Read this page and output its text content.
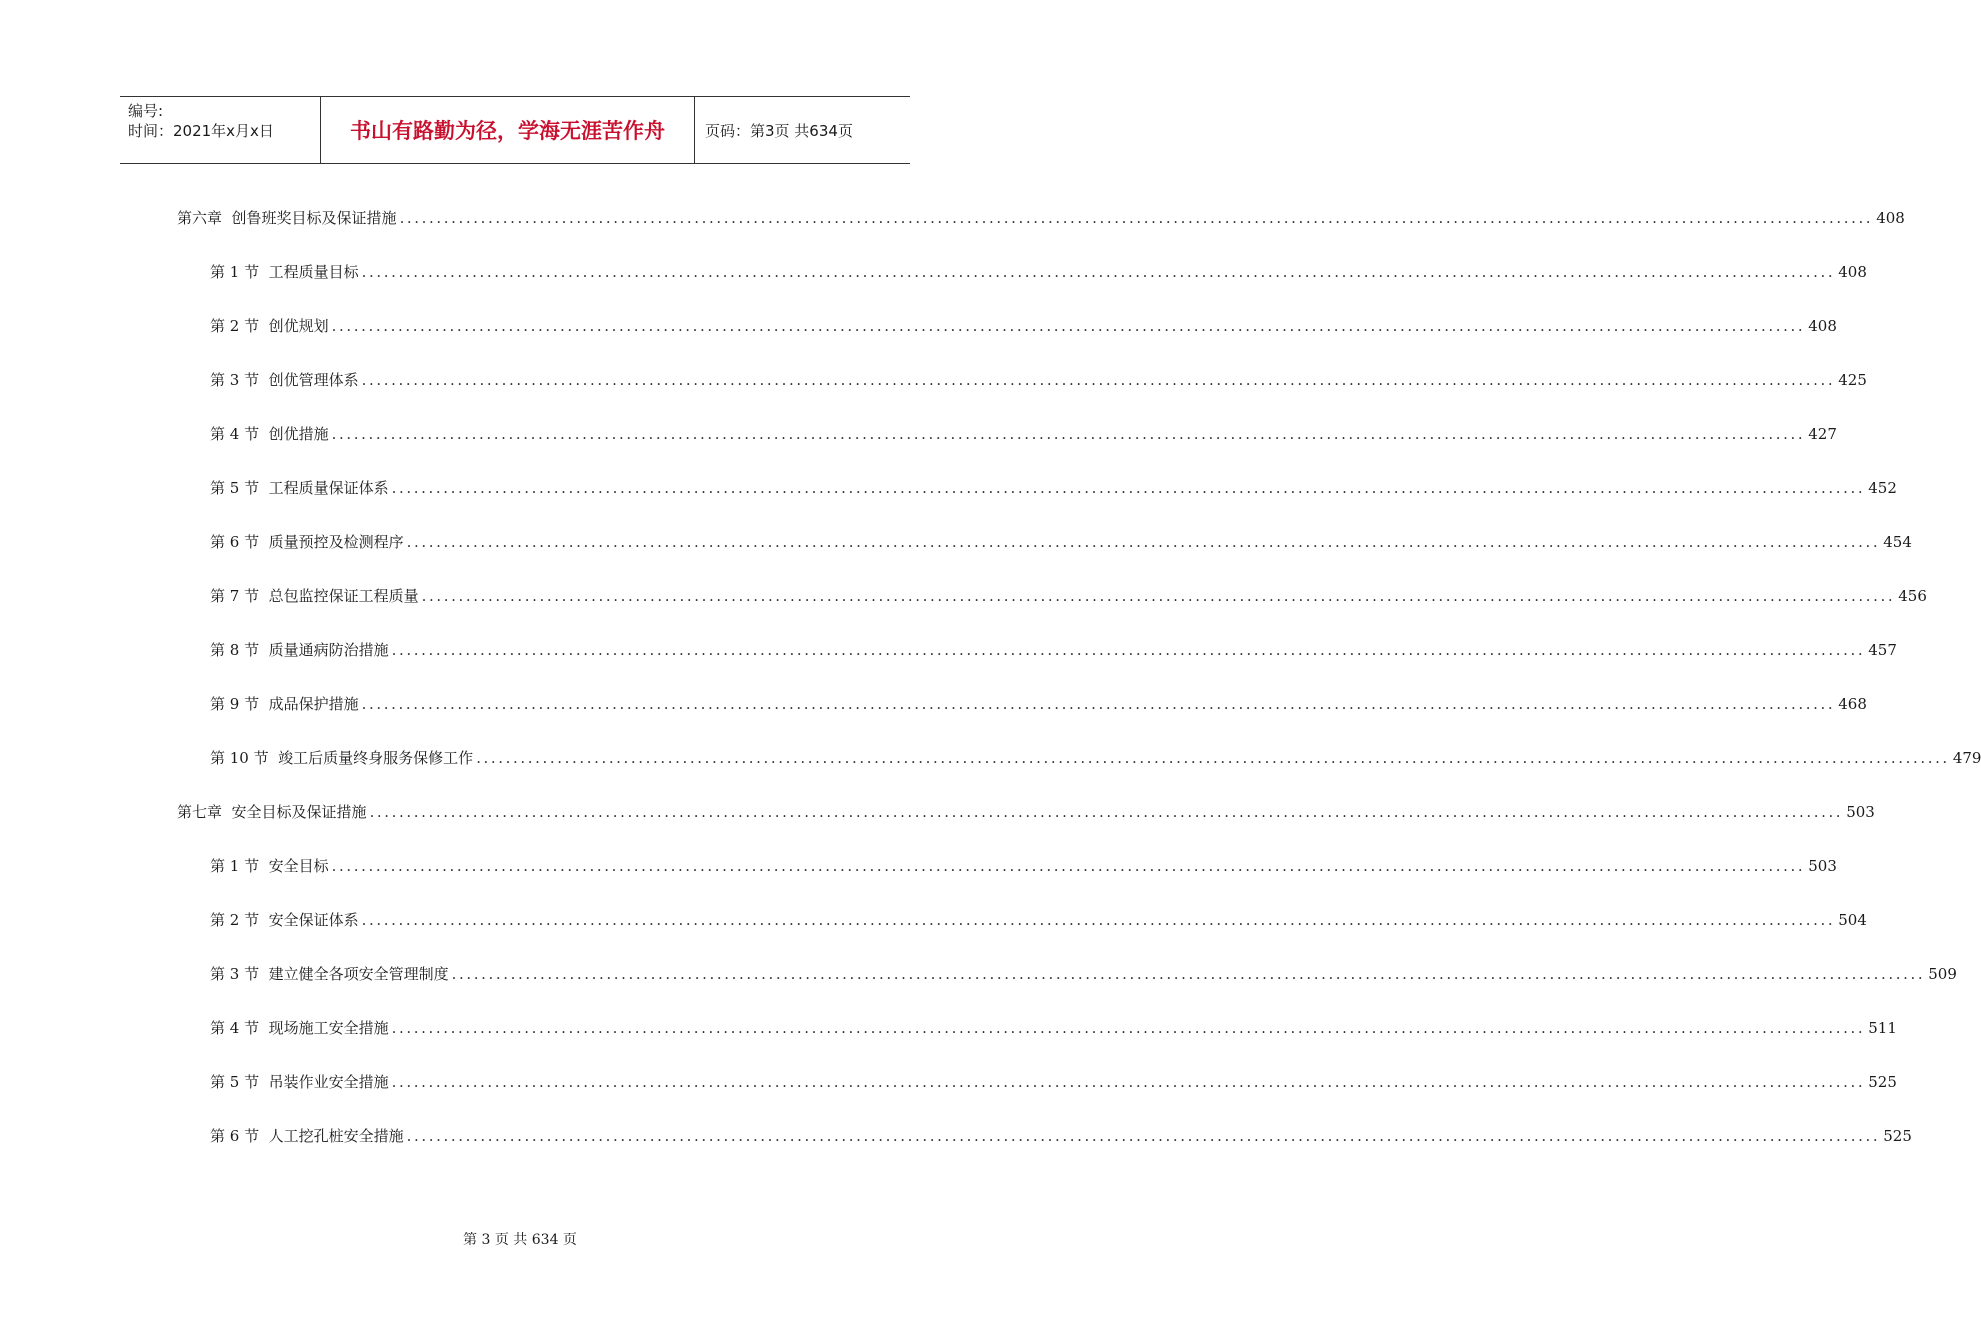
编号:
时间：2021年x月x日	书山有路勤为径，学海无涯苦作舟	页码：第3页 共634页
第六章 创鲁班奖目标及保证措施 ........................................................................................................................................................................................................ 408
第 1 节 工程质量目标 ........................................................................................................................................................................................................ 408
第 2 节 创优规划 ........................................................................................................................................................................................................ 408
第 3 节 创优管理体系 ........................................................................................................................................................................................................ 425
第 4 节 创优措施 ........................................................................................................................................................................................................ 427
第 5 节 工程质量保证体系 ........................................................................................................................................................................................................ 452
第 6 节 质量预控及检测程序 ........................................................................................................................................................................................................ 454
第 7 节 总包监控保证工程质量 ........................................................................................................................................................................................................ 456
第 8 节 质量通病防治措施 ........................................................................................................................................................................................................ 457
第 9 节 成品保护措施 ........................................................................................................................................................................................................ 468
第 10 节 竣工后质量终身服务保修工作 ........................................................................................................................................................................................................ 479
第七章 安全目标及保证措施 ........................................................................................................................................................................................................ 503
第 1 节 安全目标 ........................................................................................................................................................................................................ 503
第 2 节 安全保证体系 ........................................................................................................................................................................................................ 504
第 3 节 建立健全各项安全管理制度 ........................................................................................................................................................................................................ 509
第 4 节 现场施工安全措施 ........................................................................................................................................................................................................ 511
第 5 节 吊装作业安全措施 ........................................................................................................................................................................................................ 525
第 6 节 人工挖孔桩安全措施 ........................................................................................................................................................................................................ 525
第 3 页 共 634 页
